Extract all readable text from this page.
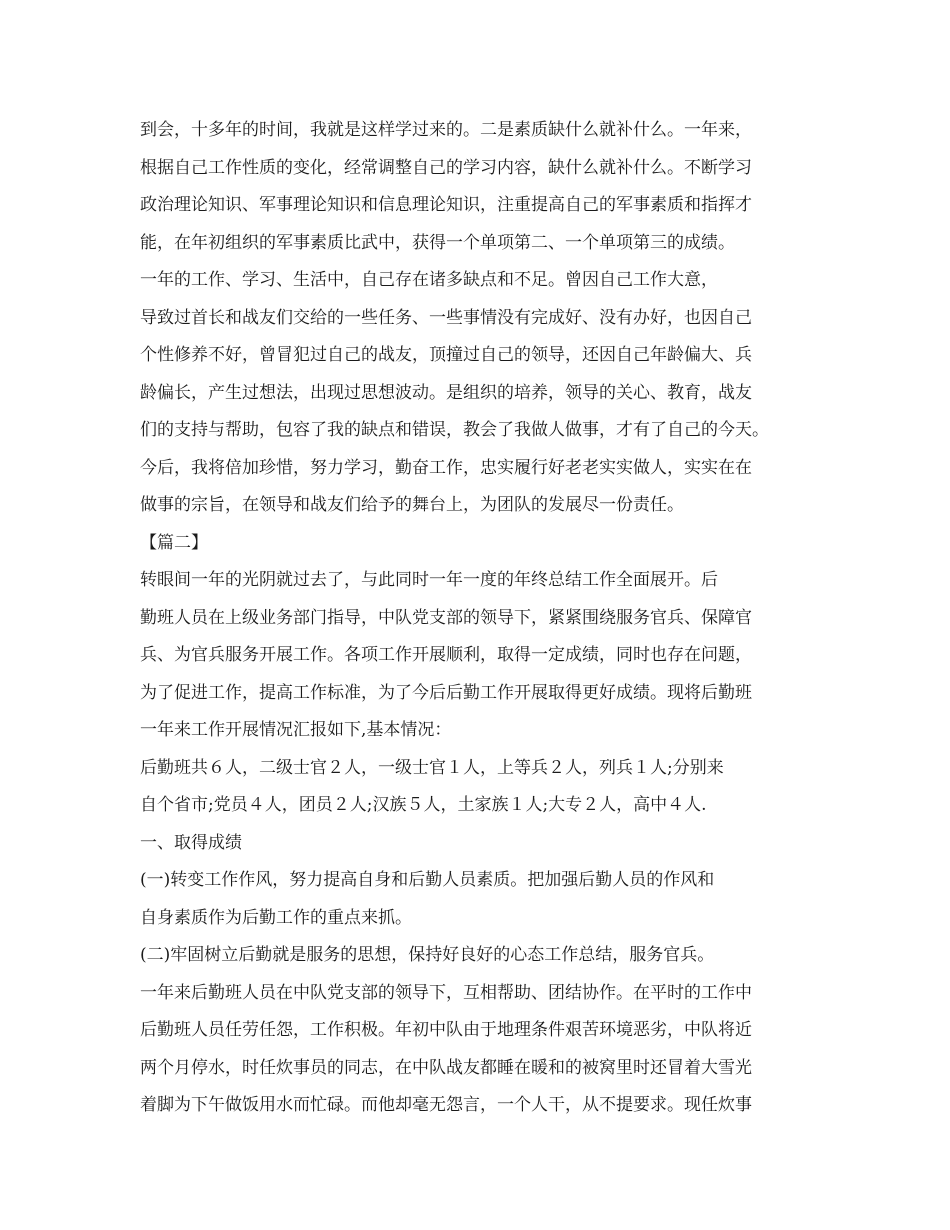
到会，十多年的时间，我就是这样学过来的。二是素质缺什么就补什么。一年来，

根据自己工作性质的变化，经常调整自己的学习内容，缺什么就补什么。不断学习

政治理论知识、军事理论知识和信息理论知识，注重提高自己的军事素质和指挥才

能，在年初组织的军事素质比武中，获得一个单项第二、一个单项第三的成绩。

一年的工作、学习、生活中，自己存在诸多缺点和不足。曾因自己工作大意，

导致过首长和战友们交给的一些任务、一些事情没有完成好、没有办好，也因自己

个性修养不好，曾冒犯过自己的战友，顶撞过自己的领导，还因自己年龄偏大、兵

龄偏长，产生过想法，出现过思想波动。是组织的培养，领导的关心、教育，战友

们的支持与帮助，包容了我的缺点和错误，教会了我做人做事，才有了自己的今天。

今后，我将倍加珍惜，努力学习，勤奋工作，忠实履行好老老实实做人，实实在在

做事的宗旨，在领导和战友们给予的舞台上，为团队的发展尽一份责任。

【篇二】

转眼间一年的光阴就过去了，与此同时一年一度的年终总结工作全面展开。后

勤班人员在上级业务部门指导，中队党支部的领导下，紧紧围绕服务官兵、保障官

兵、为官兵服务开展工作。各项工作开展顺利，取得一定成绩，同时也存在问题，

为了促进工作，提高工作标准，为了今后后勤工作开展取得更好成绩。现将后勤班

一年来工作开展情况汇报如下,基本情况：

后勤班共６人，二级士官２人，一级士官１人，上等兵２人，列兵１人;分别来

自个省市;党员４人，团员２人;汉族５人，土家族１人;大专２人，高中４人.

一、取得成绩

(一)转变工作作风，努力提高自身和后勤人员素质。把加强后勤人员的作风和

自身素质作为后勤工作的重点来抓。

(二)牢固树立后勤就是服务的思想，保持好良好的心态工作总结，服务官兵。

一年来后勤班人员在中队党支部的领导下，互相帮助、团结协作。在平时的工作中

后勤班人员任劳任怨，工作积极。年初中队由于地理条件艰苦环境恶劣，中队将近

两个月停水，时任炊事员的同志，在中队战友都睡在暖和的被窝里时还冒着大雪光

着脚为下午做饭用水而忙碌。而他却毫无怨言，一个人干，从不提要求。现任炊事
